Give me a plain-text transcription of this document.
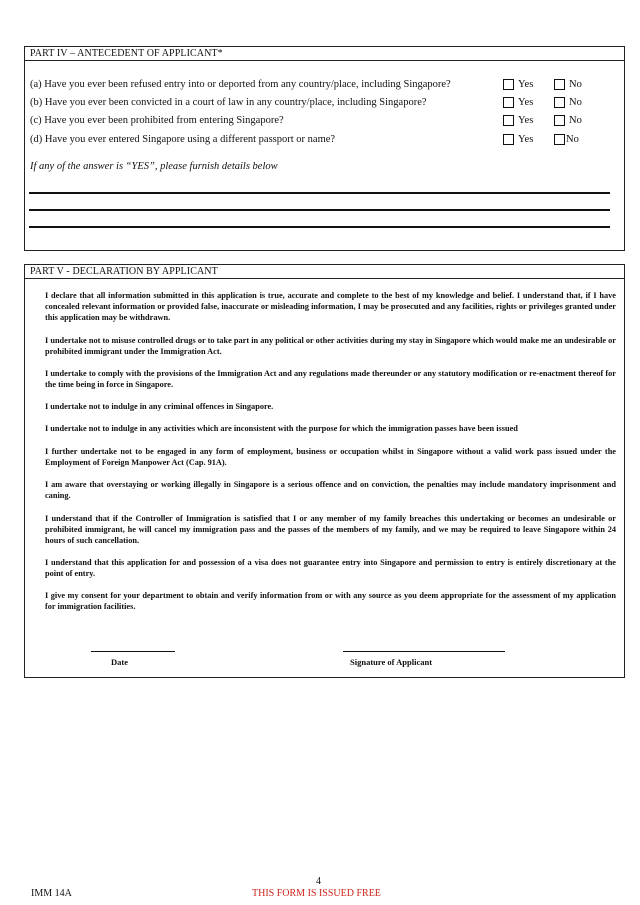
PART IV – ANTECEDENT OF APPLICANT*
(a) Have you ever been refused entry into or deported from any country/place, including Singapore?	Yes	No
(b) Have you ever been convicted in a court of law in any country/place, including Singapore?	Yes	No
(c) Have you ever been prohibited from entering Singapore?	Yes	No
(d) Have you ever entered Singapore using a different passport or name?	Yes	No
If any of the answer is “YES”, please furnish details below
PART V - DECLARATION BY APPLICANT
I declare that all information submitted in this application is true, accurate and complete to the best of my knowledge and belief. I understand that, if I have concealed relevant information or provided false, inaccurate or misleading information, I may be prosecuted and any facilities, rights or privileges granted under this application may be withdrawn.
I undertake not to misuse controlled drugs or to take part in any political or other activities during my stay in Singapore which would make me an undesirable or prohibited immigrant under the Immigration Act.
I undertake to comply with the provisions of the Immigration Act and any regulations made thereunder or any statutory modification or re-enactment thereof for the time being in force in Singapore.
I undertake not to indulge in any criminal offences in Singapore.
I undertake not to indulge in any activities which are inconsistent with the purpose for which the immigration passes have been issued
I further undertake not to be engaged in any form of employment, business or occupation whilst in Singapore without a valid work pass issued under the Employment of Foreign Manpower Act (Cap. 91A).
I am aware that overstaying or working illegally in Singapore is a serious offence and on conviction, the penalties may include mandatory imprisonment and caning.
I understand that if the Controller of Immigration is satisfied that I or any member of my family breaches this undertaking or becomes an undesirable or prohibited immigrant, he will cancel my immigration pass and the passes of the members of my family, and we may be required to leave Singapore within 24 hours of such cancellation.
I understand that this application for and possession of a visa does not guarantee entry into Singapore and permission to entry is entirely discretionary at the point of entry.
I give my consent for your department to obtain and verify information from or with any source as you deem appropriate for the assessment of my application for immigration facilities.
Date	Signature of Applicant
4
IMM 14A	THIS FORM IS ISSUED FREE
